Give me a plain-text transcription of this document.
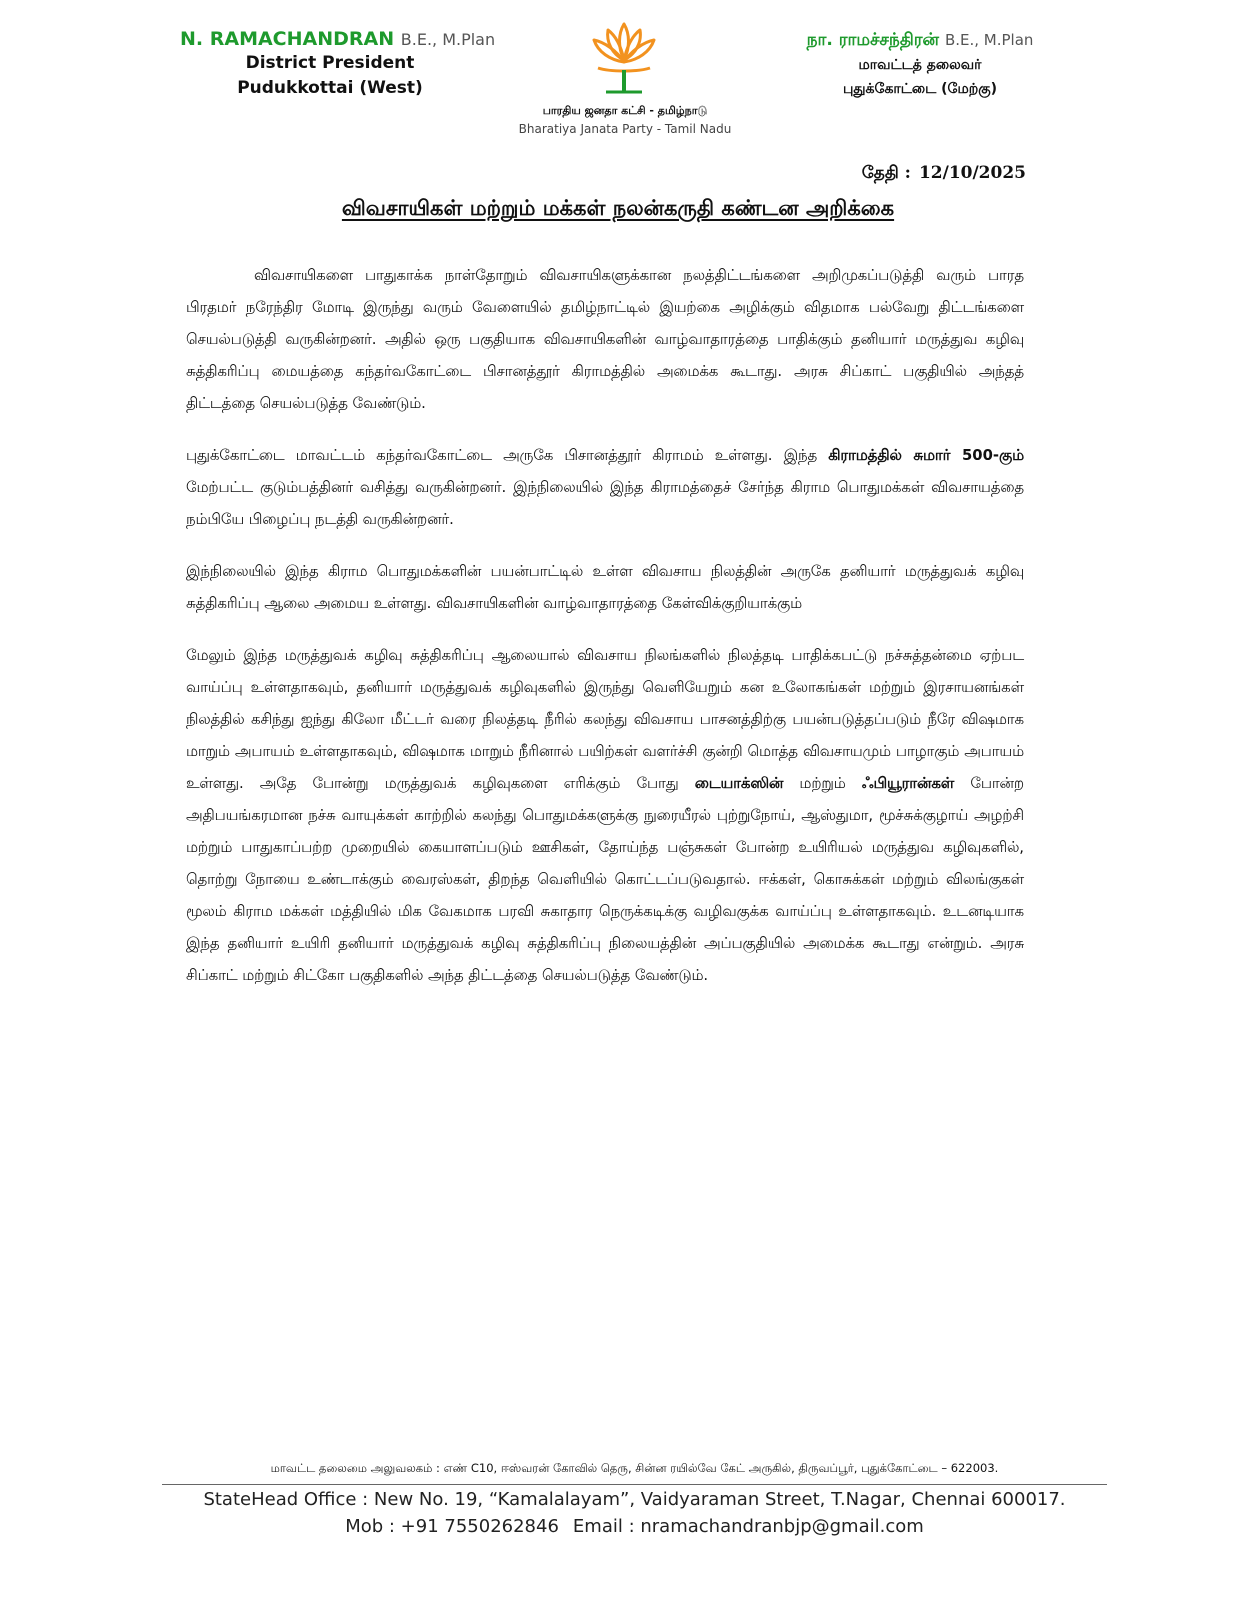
N. RAMACHANDRAN B.E., M.Plan
District President
Pudukkottai (West)
பாரதிய ஜனதா கட்சி - தமிழ்நாடு
Bharatiya Janata Party - Tamil Nadu
நா. ராமச்சந்திரன் B.E., M.Plan
மாவட்டத் தலைவர்
புதுக்கோட்டை (மேற்கு)
தேதி : 12/10/2025
விவசாயிகள் மற்றும் மக்கள் நலன்கருதி கண்டன அறிக்கை

விவசாயிகளை பாதுகாக்க நாள்தோறும் விவசாயிகளுக்கான நலத்திட்டங்களை அறிமுகப்படுத்தி வரும் பாரத பிரதமர் நரேந்திர மோடி இருந்து வரும் வேளையில் தமிழ்நாட்டில் இயற்கை அழிக்கும் விதமாக பல்வேறு திட்டங்களை செயல்படுத்தி வருகின்றனர். அதில் ஒரு பகுதியாக விவசாயிகளின் வாழ்வாதாரத்தை பாதிக்கும் தனியார் மருத்துவ கழிவு சுத்திகரிப்பு மையத்தை கந்தர்வகோட்டை பிசானத்தூர் கிராமத்தில் அமைக்க கூடாது. அரசு சிப்காட் பகுதியில் அந்தத் திட்டத்தை செயல்படுத்த வேண்டும்.

புதுக்கோட்டை மாவட்டம் கந்தர்வகோட்டை அருகே பிசானத்தூர் கிராமம் உள்ளது. இந்த கிராமத்தில் சுமார் 500-கும் மேற்பட்ட குடும்பத்தினர் வசித்து வருகின்றனர். இந்நிலையில் இந்த கிராமத்தைச் சேர்ந்த கிராம பொதுமக்கள் விவசாயத்தை நம்பியே பிழைப்பு நடத்தி வருகின்றனர்.

இந்நிலையில் இந்த கிராம பொதுமக்களின் பயன்பாட்டில் உள்ள விவசாய நிலத்தின் அருகே தனியார் மருத்துவக் கழிவு சுத்திகரிப்பு ஆலை அமைய உள்ளது. விவசாயிகளின் வாழ்வாதாரத்தை கேள்விக்குறியாக்கும்

மேலும் இந்த மருத்துவக் கழிவு சுத்திகரிப்பு ஆலையால் விவசாய நிலங்களில் நிலத்தடி பாதிக்கபட்டு நச்சுத்தன்மை ஏற்பட வாய்ப்பு உள்ளதாகவும், தனியார் மருத்துவக் கழிவுகளில் இருந்து வெளியேறும் கன உலோகங்கள் மற்றும் இரசாயனங்கள் நிலத்தில் கசிந்து ஐந்து கிலோ மீட்டர் வரை நிலத்தடி நீரில் கலந்து விவசாய பாசனத்திற்கு பயன்படுத்தப்படும் நீரே விஷமாக மாறும் அபாயம் உள்ளதாகவும், விஷமாக மாறும் நீரினால் பயிற்கள் வளர்ச்சி குன்றி மொத்த விவசாயமும் பாழாகும் அபாயம் உள்ளது. அதே போன்று மருத்துவக் கழிவுகளை எரிக்கும் போது டையாக்ஸின் மற்றும் ஃபியூரான்கள் போன்ற அதிபயங்கரமான நச்சு வாயுக்கள் காற்றில் கலந்து பொதுமக்களுக்கு நுரையீரல் புற்றுநோய், ஆஸ்துமா, மூச்சுக்குழாய் அழற்சி மற்றும் பாதுகாப்பற்ற முறையில் கையாளப்படும் ஊசிகள், தோய்ந்த பஞ்சுகள் போன்ற உயிரியல் மருத்துவ கழிவுகளில், தொற்று நோயை உண்டாக்கும் வைரஸ்கள், திறந்த வெளியில் கொட்டப்படுவதால். ஈக்கள், கொசுக்கள் மற்றும் விலங்குகள் மூலம் கிராம மக்கள் மத்தியில் மிக வேகமாக பரவி சுகாதார நெருக்கடிக்கு வழிவகுக்க வாய்ப்பு உள்ளதாகவும். உடனடியாக இந்த தனியார் உயிரி தனியார் மருத்துவக் கழிவு சுத்திகரிப்பு நிலையத்தின் அப்பகுதியில் அமைக்க கூடாது என்றும். அரசு சிப்காட் மற்றும் சிட்கோ பகுதிகளில் அந்த திட்டத்தை செயல்படுத்த வேண்டும்.

மாவட்ட தலைமை அலுவலகம் : எண் C10, ஈஸ்வரன் கோவில் தெரு, சின்ன ரயில்வே கேட் அருகில், திருவப்பூர், புதுக்கோட்டை – 622003.
StateHead Office : New No. 19, “Kamalalayam”, Vaidyaraman Street, T.Nagar, Chennai 600017.
Mob : +91 7550262846 Email : nramachandranbjp@gmail.com
